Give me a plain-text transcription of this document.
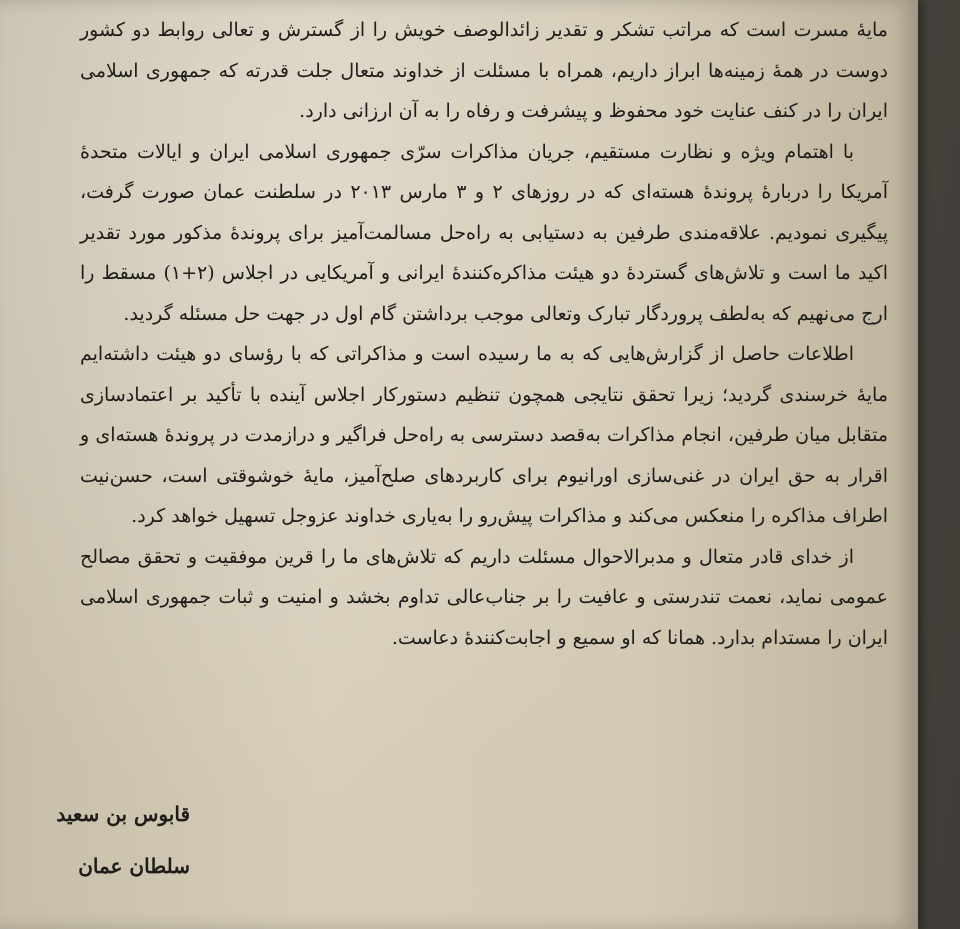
مایهٔ مسرت است که مراتب تشکر و تقدیر زائدالوصف خویش را از گسترش و تعالی روابط دو کشور دوست در همهٔ زمینه‌ها ابراز داریم، همراه با مسئلت از خداوند متعال جلت قدرته که جمهوری اسلامی ایران را در کنف عنایت خود محفوظ و پیشرفت و رفاه را به آن ارزانی دارد.

با اهتمام ویژه و نظارت مستقیم، جریان مذاکرات سرّی جمهوری اسلامی ایران و ایالات متحدهٔ آمریکا را دربارهٔ پروندهٔ هسته‌ای که در روزهای ۲ و ۳ مارس ۲۰۱۳ در سلطنت عمان صورت گرفت، پیگیری نمودیم. علاقه‌مندی طرفین به دستیابی به راه‌حل مسالمت‌آمیز برای پروندهٔ مذکور مورد تقدیر اکید ما است و تلاش‌های گستردهٔ دو هیئت مذاکره‌کنندهٔ ایرانی و آمریکایی در اجلاس (۲+۱) مسقط را ارج می‌نهیم که به‌لطف پروردگار تبارک وتعالی موجب برداشتن گام اول در جهت حل مسئله گردید.

اطلاعات حاصل از گزارش‌هایی که به ما رسیده است و مذاکراتی که با رؤسای دو هیئت داشته‌ایم مایهٔ خرسندی گردید؛ زیرا تحقق نتایجی همچون تنظیم دستورکار اجلاس آینده با تأکید بر اعتمادسازی متقابل میان طرفین، انجام مذاکرات به‌قصد دسترسی به راه‌حل فراگیر و درازمدت در پروندهٔ هسته‌ای و اقرار به حق ایران در غنی‌سازی اورانیوم برای کاربردهای صلح‌آمیز، مایهٔ خوشوقتی است، حسن‌نیت اطراف مذاکره را منعکس می‌کند و مذاکرات پیش‌رو را به‌یاری خداوند عزوجل تسهیل خواهد کرد.

از خدای قادر متعال و مدبرالاحوال مسئلت داریم که تلاش‌های ما را قرین موفقیت و تحقق مصالح عمومی نماید، نعمت تندرستی و عافیت را بر جناب‌عالی تداوم بخشد و امنیت و ثبات جمهوری اسلامی ایران را مستدام بدارد. همانا که او سمیع و اجابت‌کنندهٔ دعاست.

قابوس بن سعید
سلطان عمان
